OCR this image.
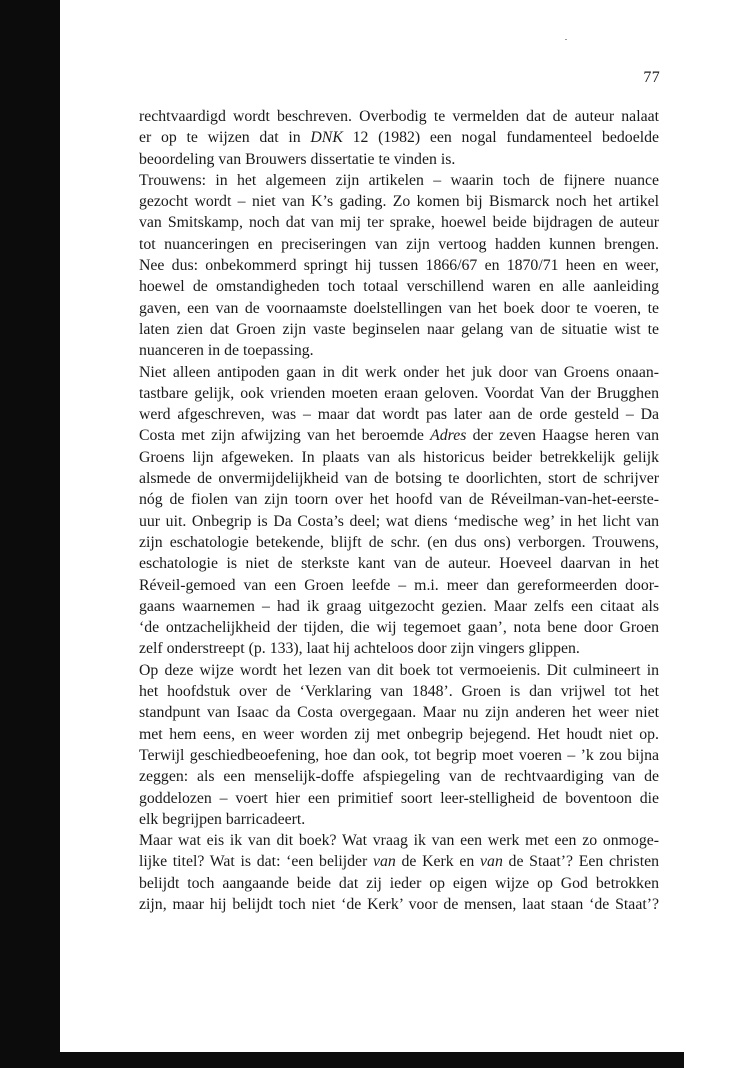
77
rechtvaardigd wordt beschreven. Overbodig te vermelden dat de auteur nalaat
er op te wijzen dat in DNK 12 (1982) een nogal fundamenteel bedoelde
beoordeling van Brouwers dissertatie te vinden is.
Trouwens: in het algemeen zijn artikelen – waarin toch de fijnere nuance
gezocht wordt – niet van K’s gading. Zo komen bij Bismarck noch het artikel
van Smitskamp, noch dat van mij ter sprake, hoewel beide bijdragen de auteur
tot nuanceringen en preciseringen van zijn vertoog hadden kunnen brengen.
Nee dus: onbekommerd springt hij tussen 1866/67 en 1870/71 heen en weer,
hoewel de omstandigheden toch totaal verschillend waren en alle aanleiding
gaven, een van de voornaamste doelstellingen van het boek door te voeren, te
laten zien dat Groen zijn vaste beginselen naar gelang van de situatie wist te
nuanceren in de toepassing.
Niet alleen antipoden gaan in dit werk onder het juk door van Groens onaan-
tastbare gelijk, ook vrienden moeten eraan geloven. Voordat Van der Brugghen
werd afgeschreven, was – maar dat wordt pas later aan de orde gesteld – Da
Costa met zijn afwijzing van het beroemde Adres der zeven Haagse heren van
Groens lijn afgeweken. In plaats van als historicus beider betrekkelijk gelijk
alsmede de onvermijdelijkheid van de botsing te doorlichten, stort de schrijver
nóg de fiolen van zijn toorn over het hoofd van de Réveilman-van-het-eerste-
uur uit. Onbegrip is Da Costa’s deel; wat diens ‘medische weg’ in het licht van
zijn eschatologie betekende, blijft de schr. (en dus ons) verborgen. Trouwens,
eschatologie is niet de sterkste kant van de auteur. Hoeveel daarvan in het
Réveil-gemoed van een Groen leefde – m.i. meer dan gereformeerden door-
gaans waarnemen – had ik graag uitgezocht gezien. Maar zelfs een citaat als
‘de ontzachelijkheid der tijden, die wij tegemoet gaan’, nota bene door Groen
zelf onderstreept (p. 133), laat hij achteloos door zijn vingers glippen.
Op deze wijze wordt het lezen van dit boek tot vermoeienis. Dit culmineert in
het hoofdstuk over de ‘Verklaring van 1848’. Groen is dan vrijwel tot het
standpunt van Isaac da Costa overgegaan. Maar nu zijn anderen het weer niet
met hem eens, en weer worden zij met onbegrip bejegend. Het houdt niet op.
Terwijl geschiedbeoefening, hoe dan ook, tot begrip moet voeren – ’k zou bijna
zeggen: als een menselijk-doffe afspiegeling van de rechtvaardiging van de
goddelozen – voert hier een primitief soort leer-stelligheid de boventoon die
elk begrijpen barricadeert.
Maar wat eis ik van dit boek? Wat vraag ik van een werk met een zo onmoge-
lijke titel? Wat is dat: ‘een belijder van de Kerk en van de Staat’? Een christen
belijdt toch aangaande beide dat zij ieder op eigen wijze op God betrokken
zijn, maar hij belijdt toch niet ‘de Kerk’ voor de mensen, laat staan ‘de Staat’?
